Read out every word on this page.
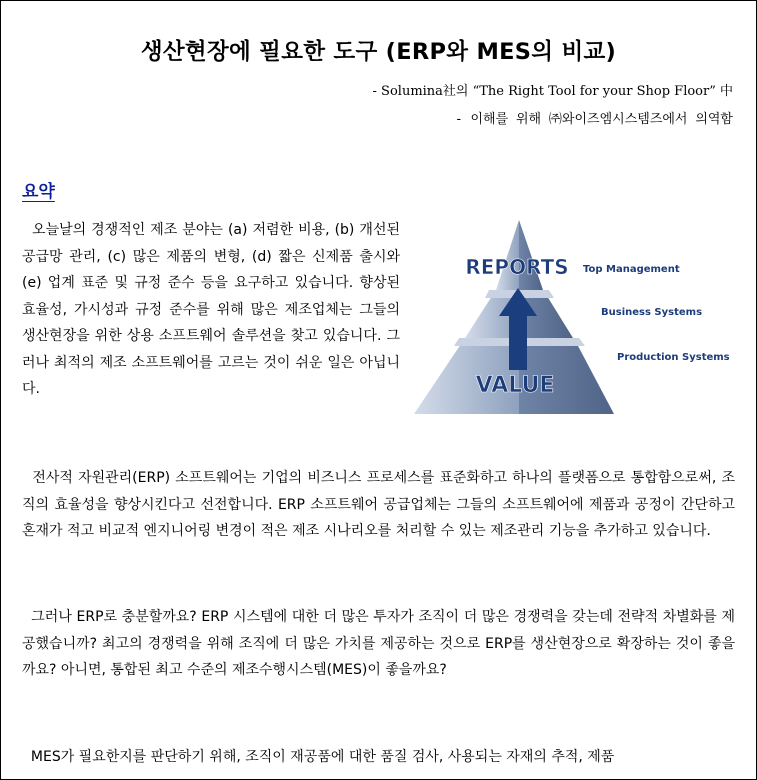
생산현장에 필요한 도구 (ERP와 MES의 비교)
- Solumina社의 “The Right Tool for your Shop Floor” 中
- 이해를 위해 ㈜와이즈엠시스템즈에서 의역함
요약
오늘날의 경쟁적인 제조 분야는 (a) 저렴한 비용, (b) 개선된 공급망 관리, (c) 많은 제품의 변형, (d) 짧은 신제품 출시와 (e) 업계 표준 및 규정 준수 등을 요구하고 있습니다. 향상된 효율성, 가시성과 규정 준수를 위해 많은 제조업체는 그들의 생산현장을 위한 상용 소프트웨어 솔루션을 찾고 있습니다. 그러나 최적의 제조 소프트웨어를 고르는 것이 쉬운 일은 아닙니다.
REPORTS
VALUE
Top Management
Business Systems
Production Systems
전사적 자원관리(ERP) 소프트웨어는 기업의 비즈니스 프로세스를 표준화하고 하나의 플랫폼으로 통합함으로써, 조직의 효율성을 향상시킨다고 선전합니다. ERP 소프트웨어 공급업체는 그들의 소프트웨어에 제품과 공정이 간단하고 혼재가 적고 비교적 엔지니어링 변경이 적은 제조 시나리오를 처리할 수 있는 제조관리 기능을 추가하고 있습니다.
그러나 ERP로 충분할까요? ERP 시스템에 대한 더 많은 투자가 조직이 더 많은 경쟁력을 갖는데 전략적 차별화를 제공했습니까? 최고의 경쟁력을 위해 조직에 더 많은 가치를 제공하는 것으로 ERP를 생산현장으로 확장하는 것이 좋을까요? 아니면, 통합된 최고 수준의 제조수행시스템(MES)이 좋을까요?
MES가 필요한지를 판단하기 위해, 조직이 재공품에 대한 품질 검사, 사용되는 자재의 추적, 제품
